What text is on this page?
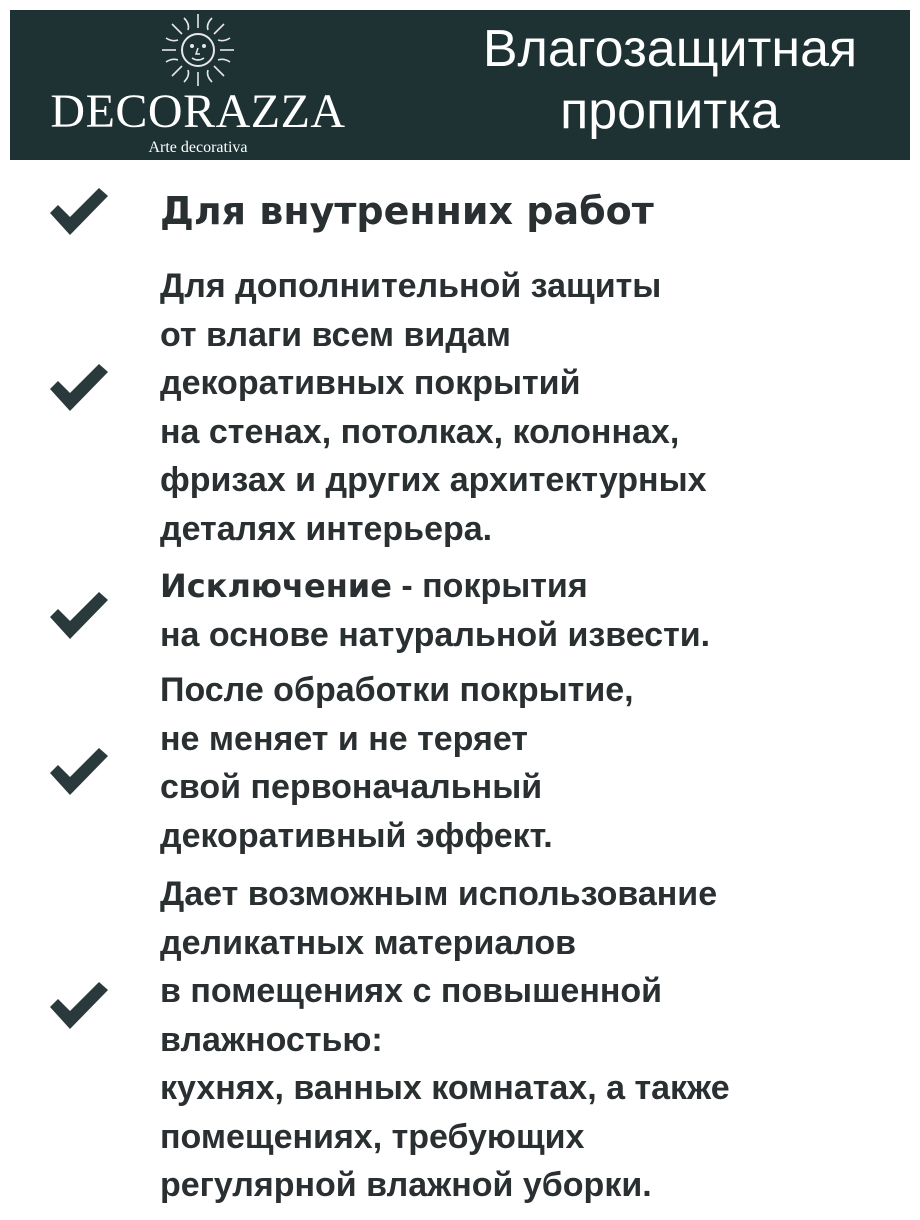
DECORAZZA
Arte decorativa
Влагозащитная
пропитка
Для внутренних работ
Для дополнительной защиты
от влаги всем видам
декоративных покрытий
на стенах, потолках, колоннах,
фризах и других архитектурных
деталях интерьера.
Исключение - покрытия
на основе натуральной извести.
После обработки покрытие,
не меняет и не теряет
свой первоначальный
декоративный эффект.
Дает возможным использование
деликатных материалов
в помещениях с повышенной
влажностью:
кухнях, ванных комнатах, а также
помещениях, требующих
регулярной влажной уборки.
